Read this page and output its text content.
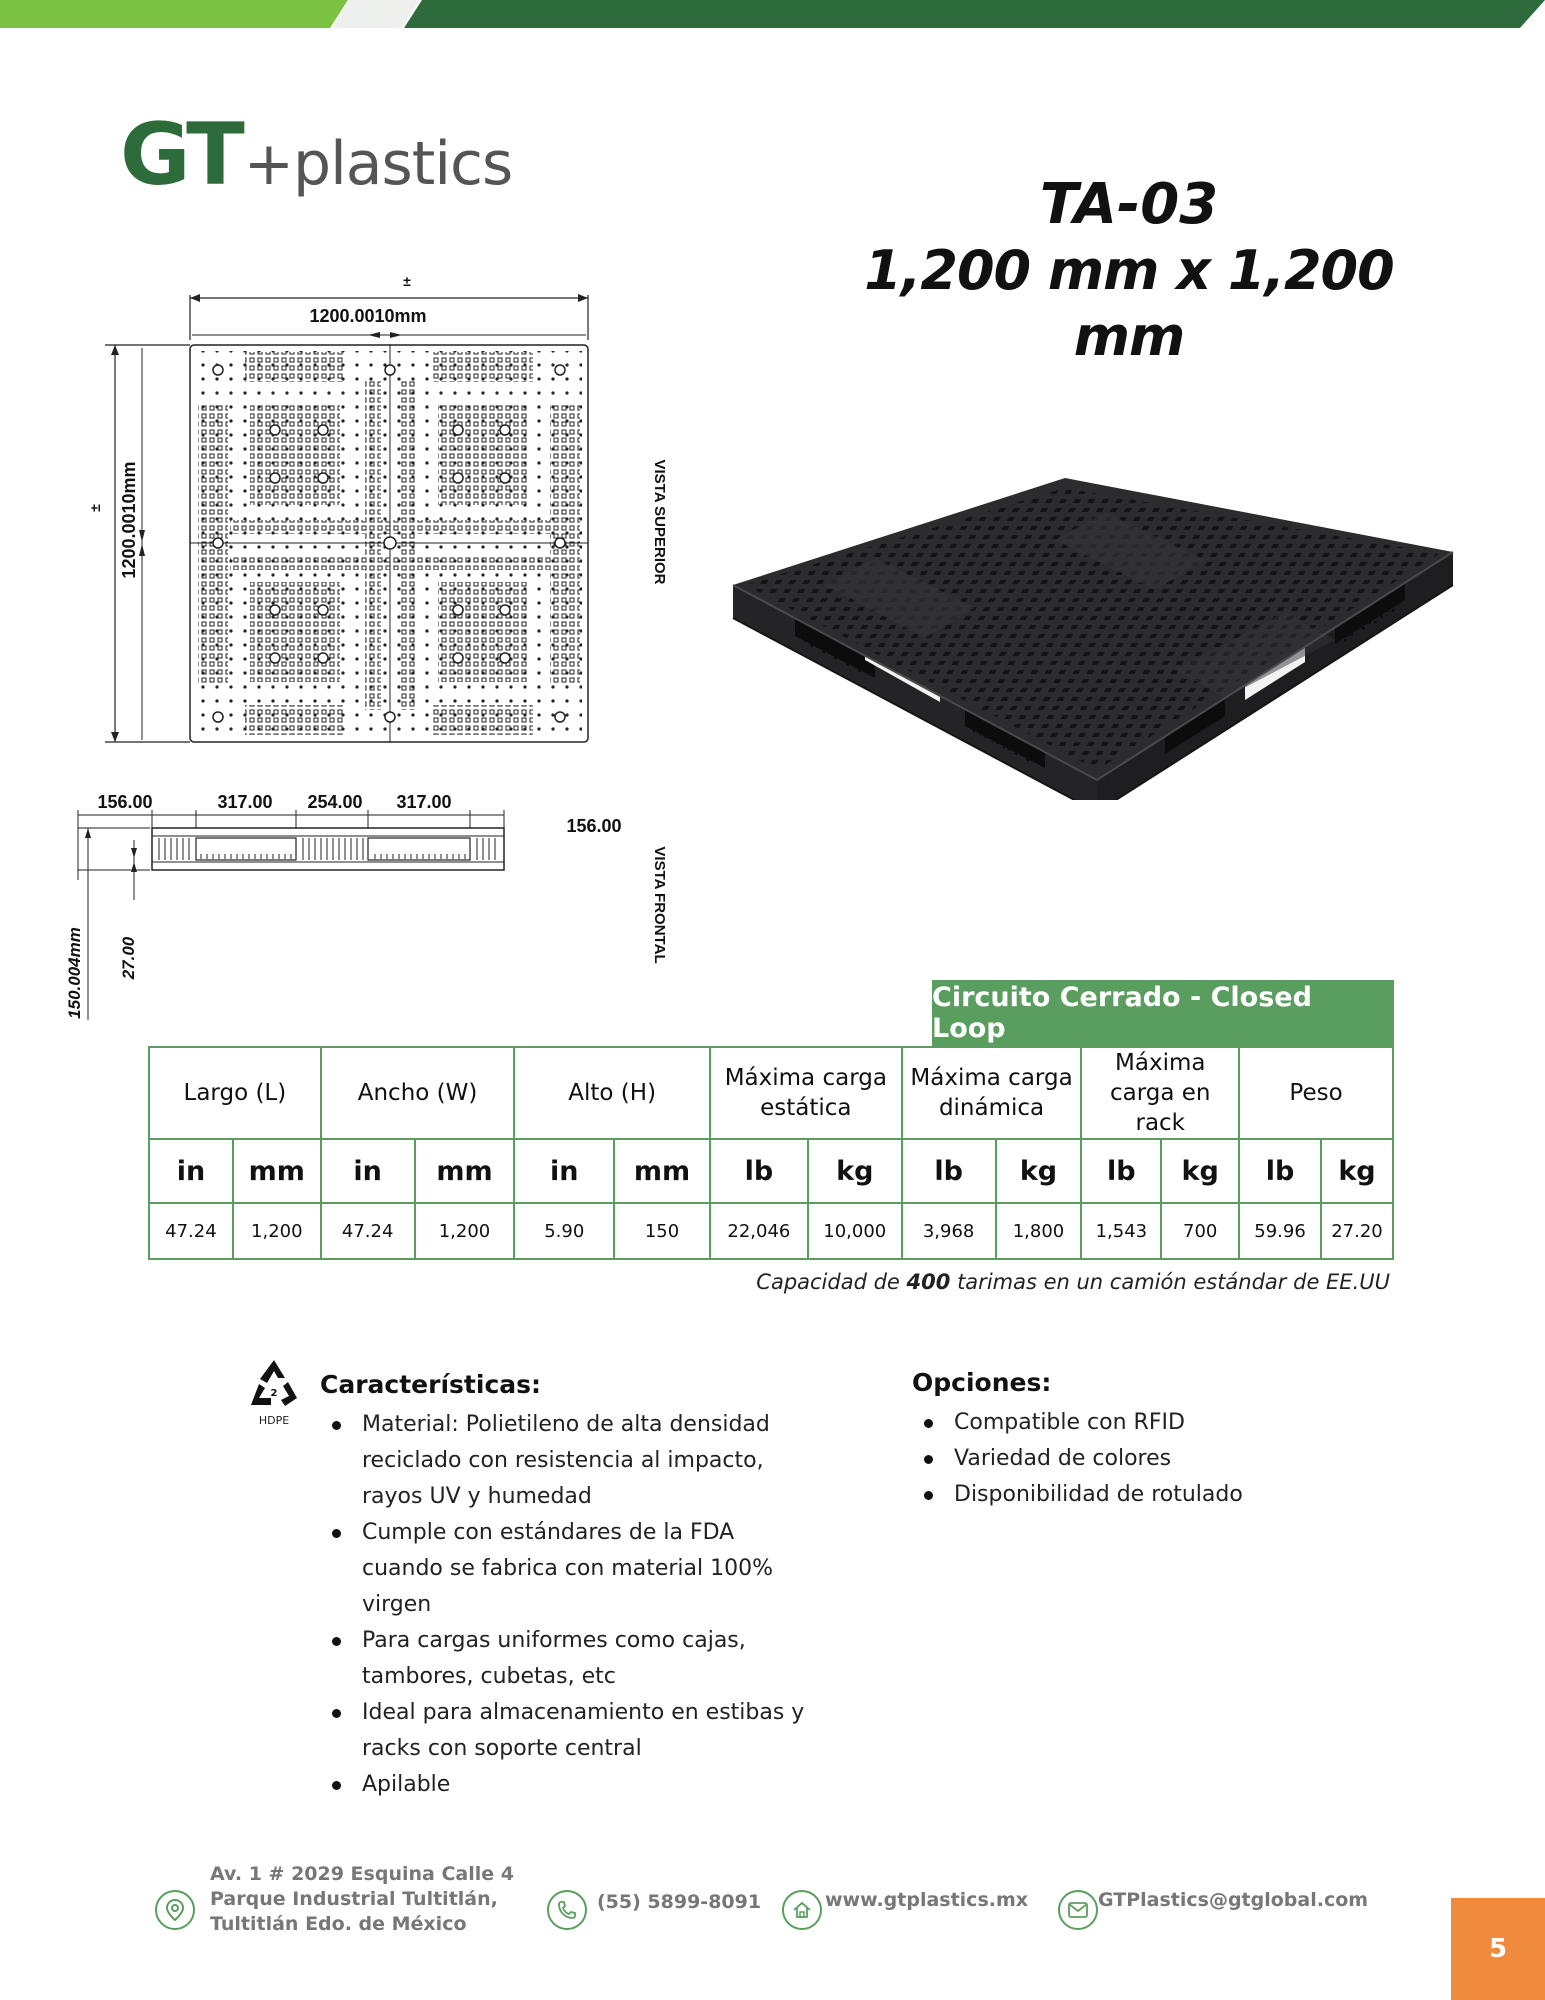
GT +plastics
TA-03
1,200 mm x 1,200 mm
±
1200.0010mm
1200.0010mm
±	VISTA SUPERIOR
156.00	317.00 254.00 317.00
156.00
150.004mm 27.00	VISTA FRONTAL
Circuito Cerrado - Closed Loop
Largo (L)		Ancho (W)		Alto (H)		Máxima carga estática		Máxima carga dinámica		Máxima carga en rack		Peso	
in	mm	in	mm	in	mm	lb	kg	lb	kg	lb	kg	lb	kg
47.24	1,200	47.24	1,200	5.90	150	22,046	10,000	3,968	1,800	1,543	700	59.96	27.20
Capacidad de 400 tarimas en un camión estándar de EE.UU
2
HDPE
Características:
Material: Polietileno de alta densidad reciclado con resistencia al impacto, rayos UV y humedad
Cumple con estándares de la FDA cuando se fabrica con material 100% virgen
Para cargas uniformes como cajas, tambores, cubetas, etc
Ideal para almacenamiento en estibas y racks con soporte central
Apilable
Opciones:
Compatible con RFID
Variedad de colores
Disponibilidad de rotulado
Av. 1 # 2029 Esquina Calle 4
Parque Industrial Tultitlán,
Tultitlán Edo. de México
(55) 5899-8091	www.gtplastics.mx	GTPlastics@gtglobal.com
5
